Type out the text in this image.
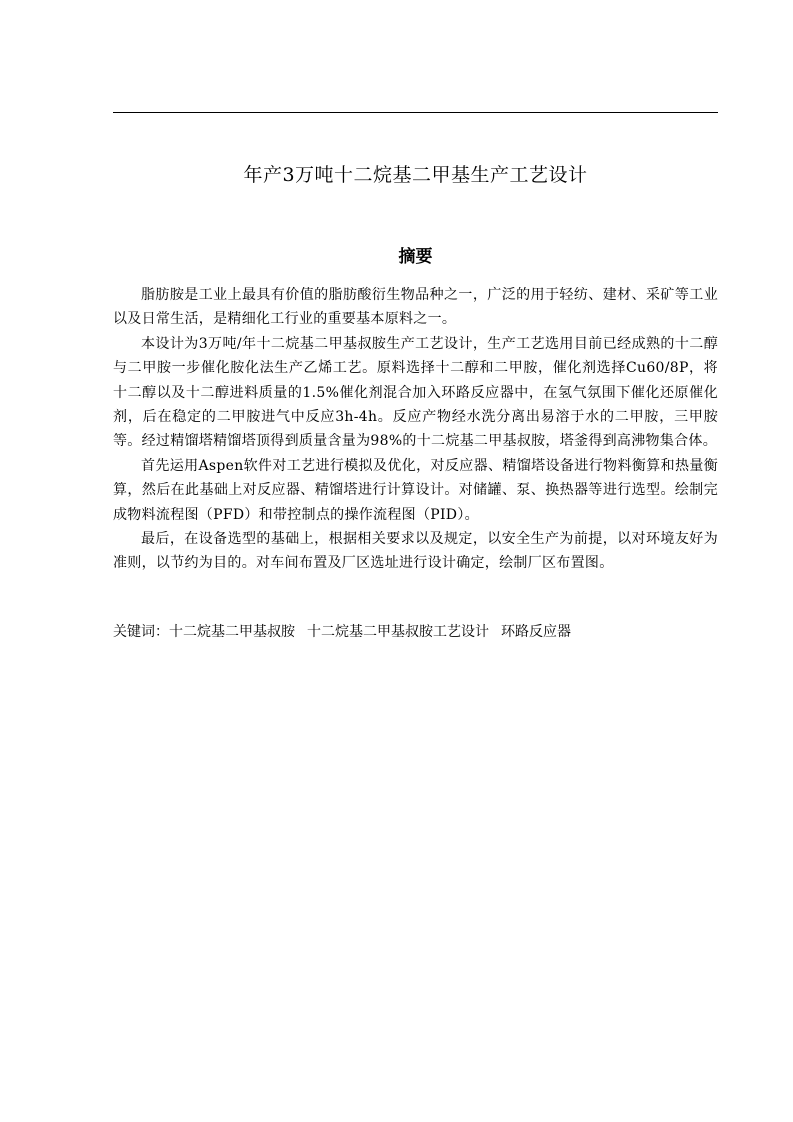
年产3万吨十二烷基二甲基生产工艺设计
摘要

脂肪胺是工业上最具有价值的脂肪酸衍生物品种之一，广泛的用于轻纺、建材、采矿等工业以及日常生活，是精细化工行业的重要基本原料之一。

本设计为3万吨/年十二烷基二甲基叔胺生产工艺设计，生产工艺选用目前已经成熟的十二醇与二甲胺一步催化胺化法生产乙烯工艺。原料选择十二醇和二甲胺，催化剂选择Cu60/8P，将十二醇以及十二醇进料质量的1.5%催化剂混合加入环路反应器中，在氢气氛围下催化还原催化剂，后在稳定的二甲胺进气中反应3h-4h。反应产物经水洗分离出易溶于水的二甲胺，三甲胺等。经过精馏塔精馏塔顶得到质量含量为98%的十二烷基二甲基叔胺，塔釜得到高沸物集合体。

首先运用Aspen软件对工艺进行模拟及优化，对反应器、精馏塔设备进行物料衡算和热量衡算，然后在此基础上对反应器、精馏塔进行计算设计。对储罐、泵、换热器等进行选型。绘制完成物料流程图（PFD）和带控制点的操作流程图（PID）。

最后，在设备选型的基础上，根据相关要求以及规定，以安全生产为前提，以对环境友好为准则，以节约为目的。对车间布置及厂区选址进行设计确定，绘制厂区布置图。

关键词：十二烷基二甲基叔胺 十二烷基二甲基叔胺工艺设计 环路反应器
